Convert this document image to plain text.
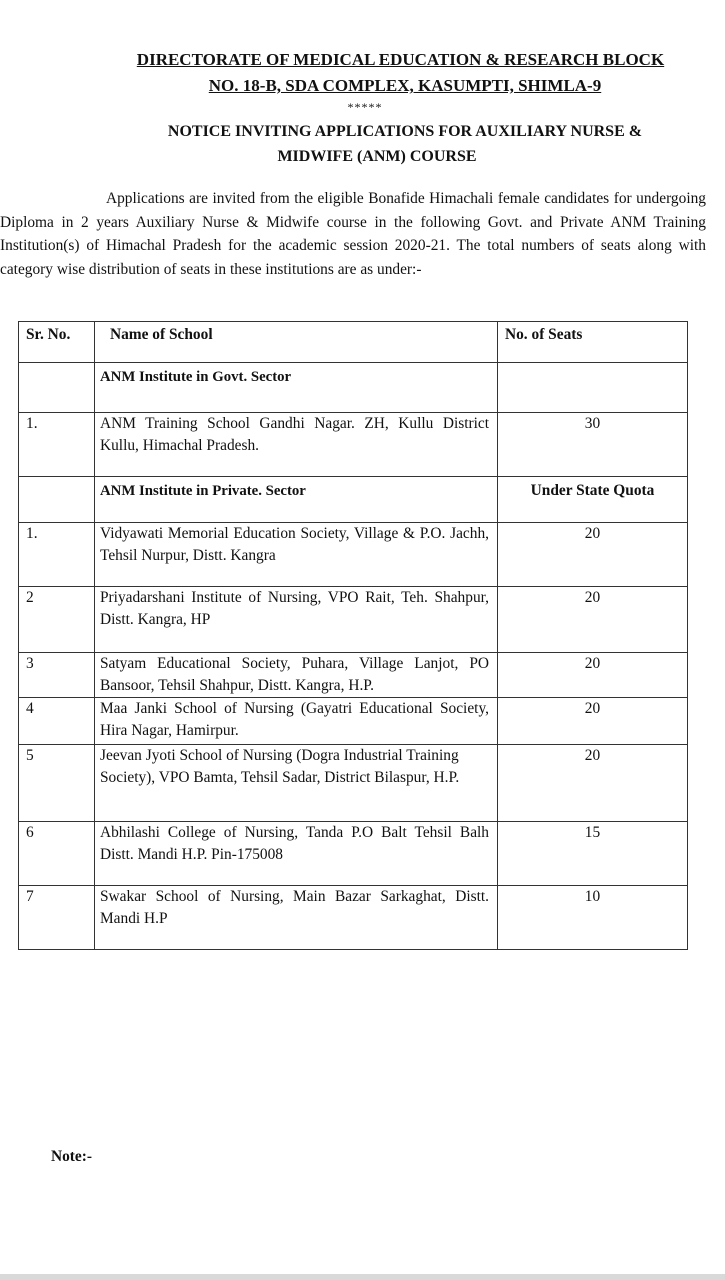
DIRECTORATE OF MEDICAL EDUCATION & RESEARCH BLOCK
NO. 18-B, SDA COMPLEX, KASUMPTI, SHIMLA-9
*****
NOTICE INVITING APPLICATIONS FOR AUXILIARY NURSE &
MIDWIFE (ANM) COURSE

Applications are invited from the eligible Bonafide Himachali female candidates for undergoing Diploma in 2 years Auxiliary Nurse & Midwife course in the following Govt. and Private ANM Training Institution(s) of Himachal Pradesh for the academic session 2020-21. The total numbers of seats along with category wise distribution of seats in these institutions are as under:-

Sr. No.	Name of School	No. of Seats
	ANM Institute in Govt. Sector	
1.	ANM Training School Gandhi Nagar. ZH, Kullu District Kullu, Himachal Pradesh.	30
	ANM Institute in Private. Sector	Under State Quota
1.	Vidyawati Memorial Education Society, Village & P.O. Jachh, Tehsil Nurpur, Distt. Kangra	20
2	Priyadarshani Institute of Nursing, VPO Rait, Teh. Shahpur, Distt. Kangra, HP	20
3	Satyam Educational Society, Puhara, Village Lanjot, PO Bansoor, Tehsil Shahpur, Distt. Kangra, H.P.	20
4	Maa Janki School of Nursing (Gayatri Educational Society, Hira Nagar, Hamirpur.	20
5	Jeevan Jyoti School of Nursing (Dogra Industrial Training Society), VPO Bamta, Tehsil Sadar, District Bilaspur, H.P.	20
6	Abhilashi College of Nursing, Tanda P.O Balt Tehsil Balh Distt. Mandi H.P. Pin-175008	15
7	Swakar School of Nursing, Main Bazar Sarkaghat, Distt. Mandi H.P	10

Note:-
